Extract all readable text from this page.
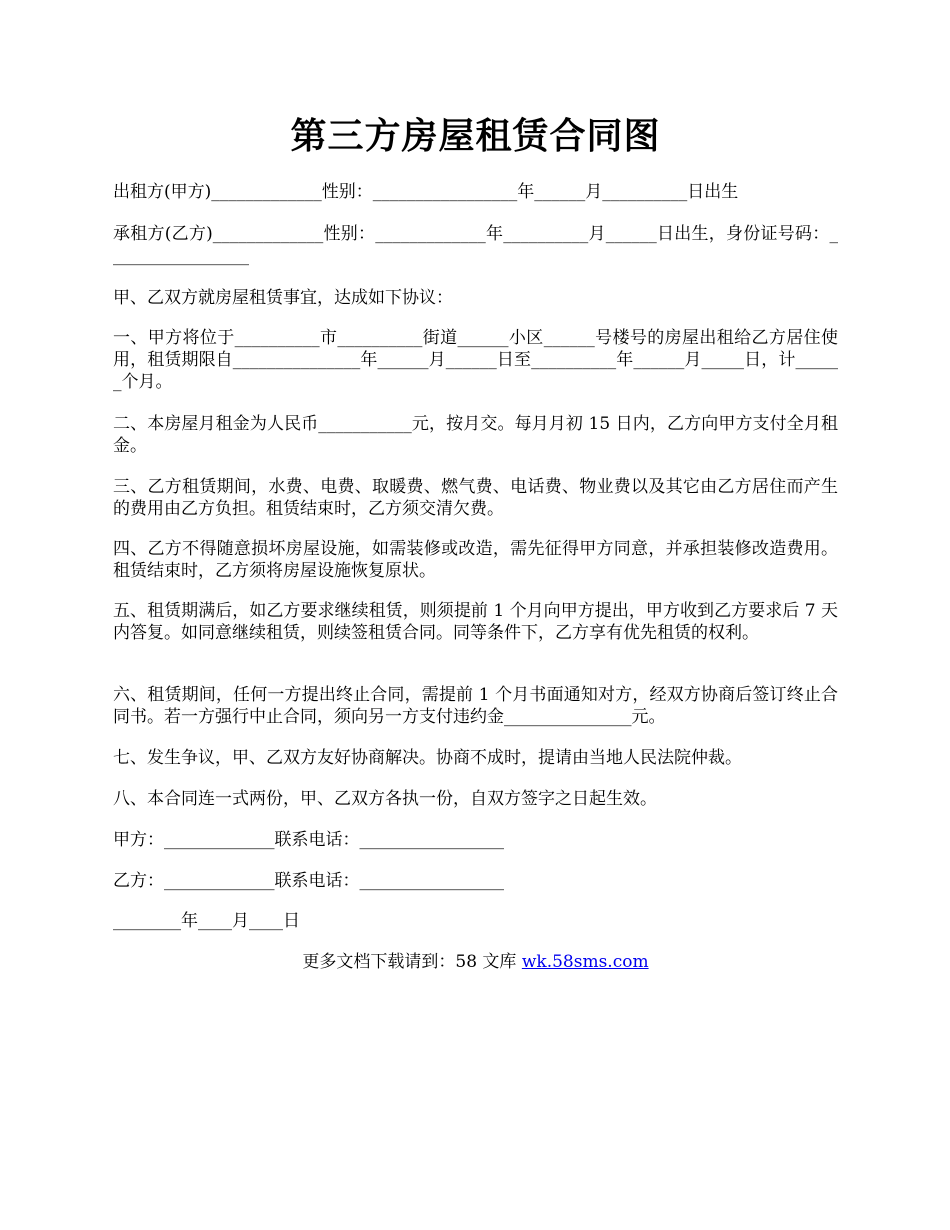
第三方房屋租赁合同图

出租方(甲方)_____________性别：_________________年______月__________日出生

承租方(乙方)_____________性别：_____________年__________月______日出生，身份证号码：_________________

甲、乙双方就房屋租赁事宜，达成如下协议：

一、甲方将位于__________市__________街道______小区______号楼号的房屋出租给乙方居住使用，租赁期限自_______________年______月______日至__________年______月_____日，计______个月。

二、本房屋月租金为人民币___________元，按月交。每月月初 15 日内，乙方向甲方支付全月租金。

三、乙方租赁期间，水费、电费、取暖费、燃气费、电话费、物业费以及其它由乙方居住而产生的费用由乙方负担。租赁结束时，乙方须交清欠费。

四、乙方不得随意损坏房屋设施，如需装修或改造，需先征得甲方同意，并承担装修改造费用。租赁结束时，乙方须将房屋设施恢复原状。

五、租赁期满后，如乙方要求继续租赁，则须提前 1 个月向甲方提出，甲方收到乙方要求后 7 天内答复。如同意继续租赁，则续签租赁合同。同等条件下，乙方享有优先租赁的权利。

六、租赁期间，任何一方提出终止合同，需提前 1 个月书面通知对方，经双方协商后签订终止合同书。若一方强行中止合同，须向另一方支付违约金_______________元。

七、发生争议，甲、乙双方友好协商解决。协商不成时，提请由当地人民法院仲裁。

八、本合同连一式两份，甲、乙双方各执一份，自双方签字之日起生效。

甲方：_____________联系电话：_________________

乙方：_____________联系电话：_________________

________年____月____日

更多文档下载请到：58 文库 wk.58sms.com
